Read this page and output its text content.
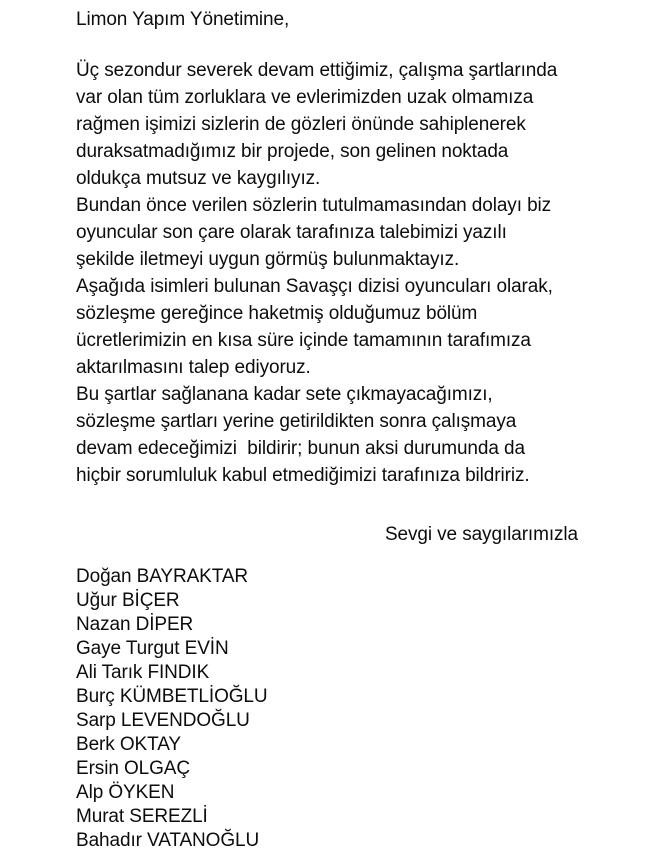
Limon Yapım Yönetimine,

Üç sezondur severek devam ettiğimiz, çalışma şartlarında

var olan tüm zorluklara ve evlerimizden uzak olmamıza

rağmen işimizi sizlerin de gözleri önünde sahiplenerek

duraksatmadığımız bir projede, son gelinen noktada

oldukça mutsuz ve kaygılıyız.

Bundan önce verilen sözlerin tutulmamasından dolayı biz

oyuncular son çare olarak tarafınıza talebimizi yazılı

şekilde iletmeyi uygun görmüş bulunmaktayız.

Aşağıda isimleri bulunan Savaşçı dizisi oyuncuları olarak,

sözleşme gereğince haketmiş olduğumuz bölüm

ücretlerimizin en kısa süre içinde tamamının tarafımıza

aktarılmasını talep ediyoruz.

Bu şartlar sağlanana kadar sete çıkmayacağımızı,

sözleşme şartları yerine getirildikten sonra çalışmaya

devam edeceğimizi  bildirir; bunun aksi durumunda da

hiçbir sorumluluk kabul etmediğimizi tarafınıza bildririz.

Sevgi ve saygılarımızla

Doğan BAYRAKTAR
Uğur BİÇER
Nazan DİPER
Gaye Turgut EVİN
Ali Tarık FINDIK
Burç KÜMBETLİOĞLU
Sarp LEVENDOĞLU
Berk OKTAY
Ersin OLGAÇ
Alp ÖYKEN
Murat SEREZLİ
Bahadır VATANOĞLU
